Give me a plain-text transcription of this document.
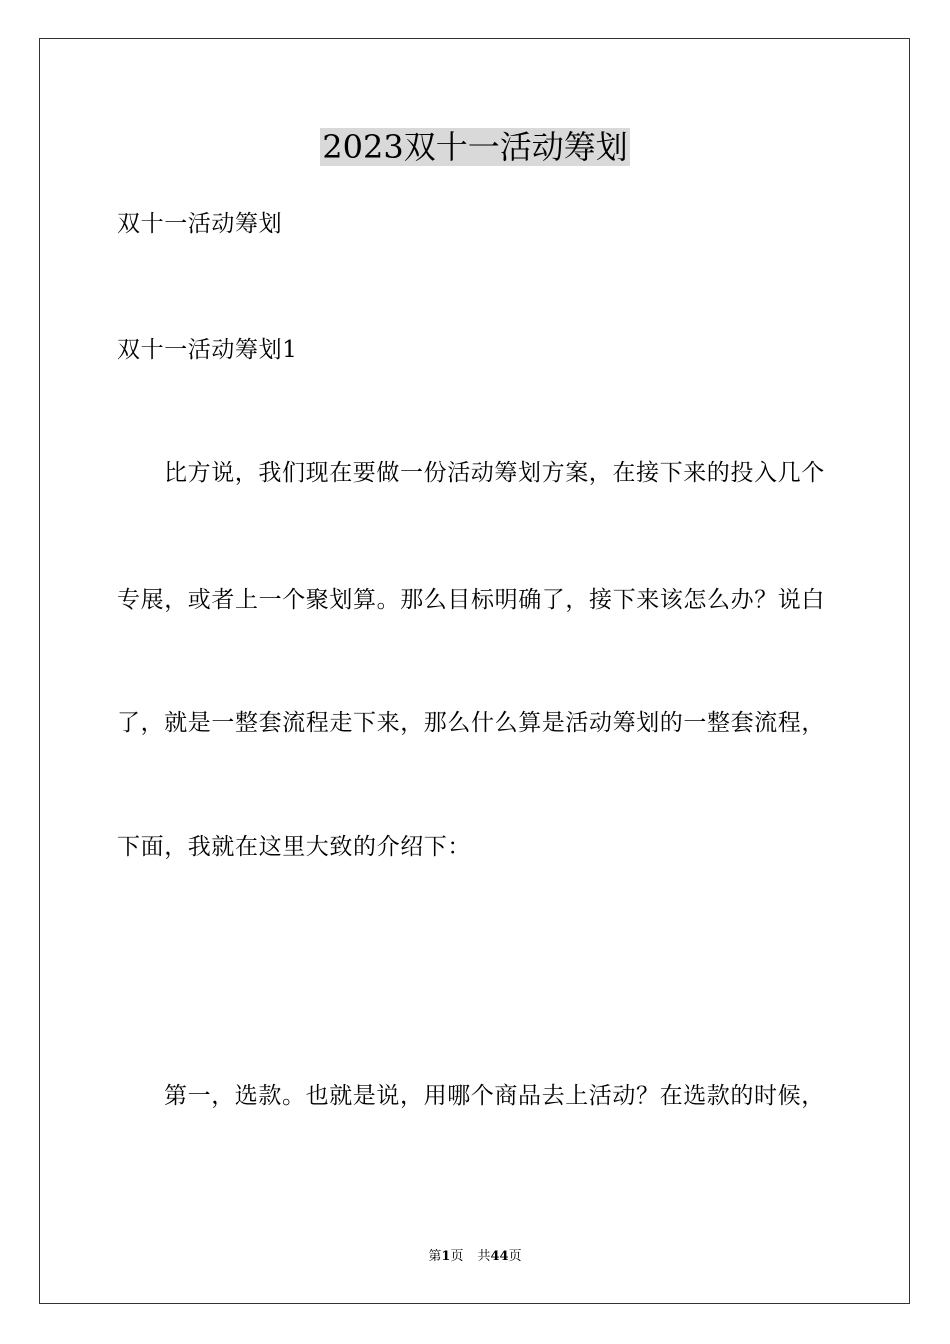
2023双十一活动筹划

双十一活动筹划

双十一活动筹划1

比方说，我们现在要做一份活动筹划方案，在接下来的投入几个

专展，或者上一个聚划算。那么目标明确了，接下来该怎么办？说白

了，就是一整套流程走下来，那么什么算是活动筹划的一整套流程，

下面，我就在这里大致的介绍下：

第一，选款。也就是说，用哪个商品去上活动？在选款的时候，

第1页 共44页
